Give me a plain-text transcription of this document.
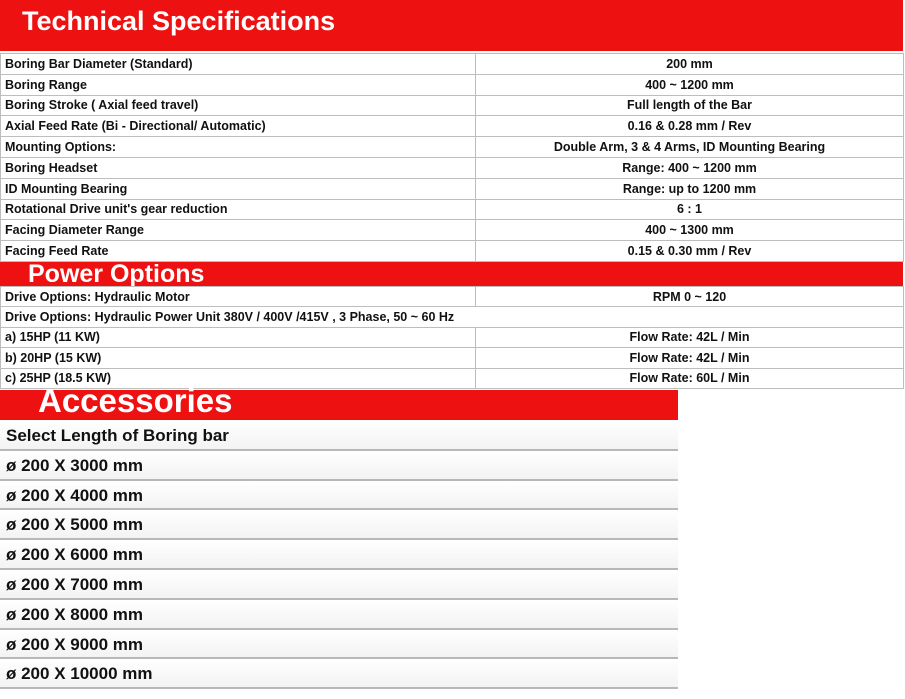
Technical Specifications
Boring Bar Diameter (Standard)	200 mm
Boring Range	400 ~ 1200 mm
Boring Stroke ( Axial feed travel)	Full length of the Bar
Axial Feed Rate (Bi - Directional/ Automatic)	0.16 & 0.28 mm / Rev
Mounting Options:	Double Arm, 3 & 4 Arms, ID Mounting Bearing
Boring Headset	Range: 400 ~ 1200 mm
ID Mounting Bearing	Range: up to 1200 mm
Rotational Drive unit's gear reduction	6 : 1
Facing Diameter Range	400 ~ 1300 mm
Facing Feed Rate	0.15 & 0.30 mm / Rev
Power Options
Drive Options: Hydraulic Motor	RPM 0 ~ 120
Drive Options: Hydraulic Power Unit 380V / 400V /415V , 3 Phase, 50 ~ 60 Hz	
a) 15HP (11 KW)	Flow Rate: 42L / Min
b) 20HP (15 KW)	Flow Rate: 42L / Min
c) 25HP (18.5 KW)	Flow Rate: 60L / Min
Accessories
Select Length of Boring bar
ø 200 X 3000 mm
ø 200 X 4000 mm
ø 200 X 5000 mm
ø 200 X 6000 mm
ø 200 X 7000 mm
ø 200 X 8000 mm
ø 200 X 9000 mm
ø 200 X 10000 mm
